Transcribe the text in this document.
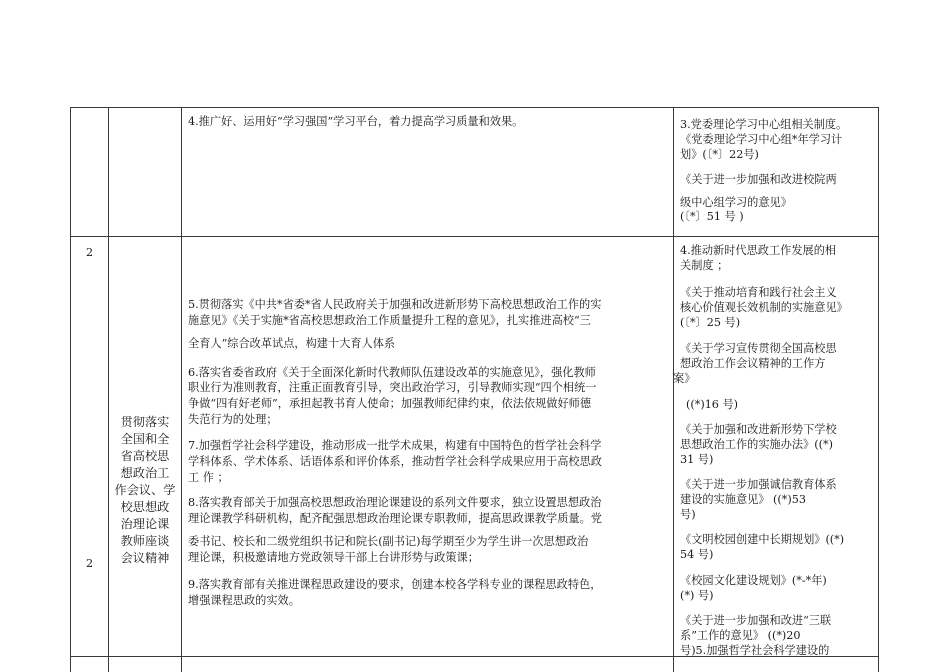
4.推广好、运用好“学习强国”学习平台，着力提高学习质量和效果。	3.党委理论学习中心组相关制度。
《党委理论学习中心组*年学习计
划》(〔*〕22号)
《关于进一步加强和改进校院两
级中心组学习的意见》
(〔*〕51 号 )
2
2
贯彻落实
全国和全
省高校思
想政治工
作会议、学
校思想政
治理论课
教师座谈
会议精神
5.贯彻落实《中共*省委*省人民政府关于加强和改进新形势下高校思想政治工作的实
施意见》《关于实施*省高校思想政治工作质量提升工程的意见》，扎实推进高校“三
全育人”综合改革试点，构建十大育人体系
6.落实省委省政府《关于全面深化新时代教师队伍建设改革的实施意见》，强化教师
职业行为准则教育，注重正面教育引导，突出政治学习，引导教师实现“四个相统一
争做“四有好老师”，承担起教书育人使命；加强教师纪律约束，依法依规做好师德
失范行为的处理；
7.加强哲学社会科学建设，推动形成一批学术成果，构建有中国特色的哲学社会科学
学科体系、学术体系、话语体系和评价体系，推动哲学社会科学成果应用于高校思政
工 作 ；
8.落实教育部关于加强高校思想政治理论课建设的系列文件要求，独立设置思想政治
理论课教学科研机构，配齐配强思想政治理论课专职教师，提高思政课教学质量。党
委书记、校长和二级党组织书记和院长(副书记)每学期至少为学生讲一次思想政治
理论课，积极邀请地方党政领导干部上台讲形势与政策课；
9.落实教育部有关推进课程思政建设的要求，创建本校各学科专业的课程思政特色，
增强课程思政的实效。
4.推动新时代思政工作发展的相
关制度 ；
《关于推动培育和践行社会主义
核心价值观长效机制的实施意见》
(〔*〕25 号)
《关于学习宣传贯彻全国高校思
想政治工作会议精神的工作方
案》
((*)16 号)
《关于加强和改进新形势下学校
思想政治工作的实施办法》((*)
31 号)
《关于进一步加强诚信教育体系
建设的实施意见》 ((*)53
号)
《文明校园创建中长期规划》((*)
54 号)
《校园文化建设规划》(*-*年)
(*) 号)
《关于进一步加强和改进“三联
系”工作的意见》 ((*)20
号)5.加强哲学社会科学建设的
